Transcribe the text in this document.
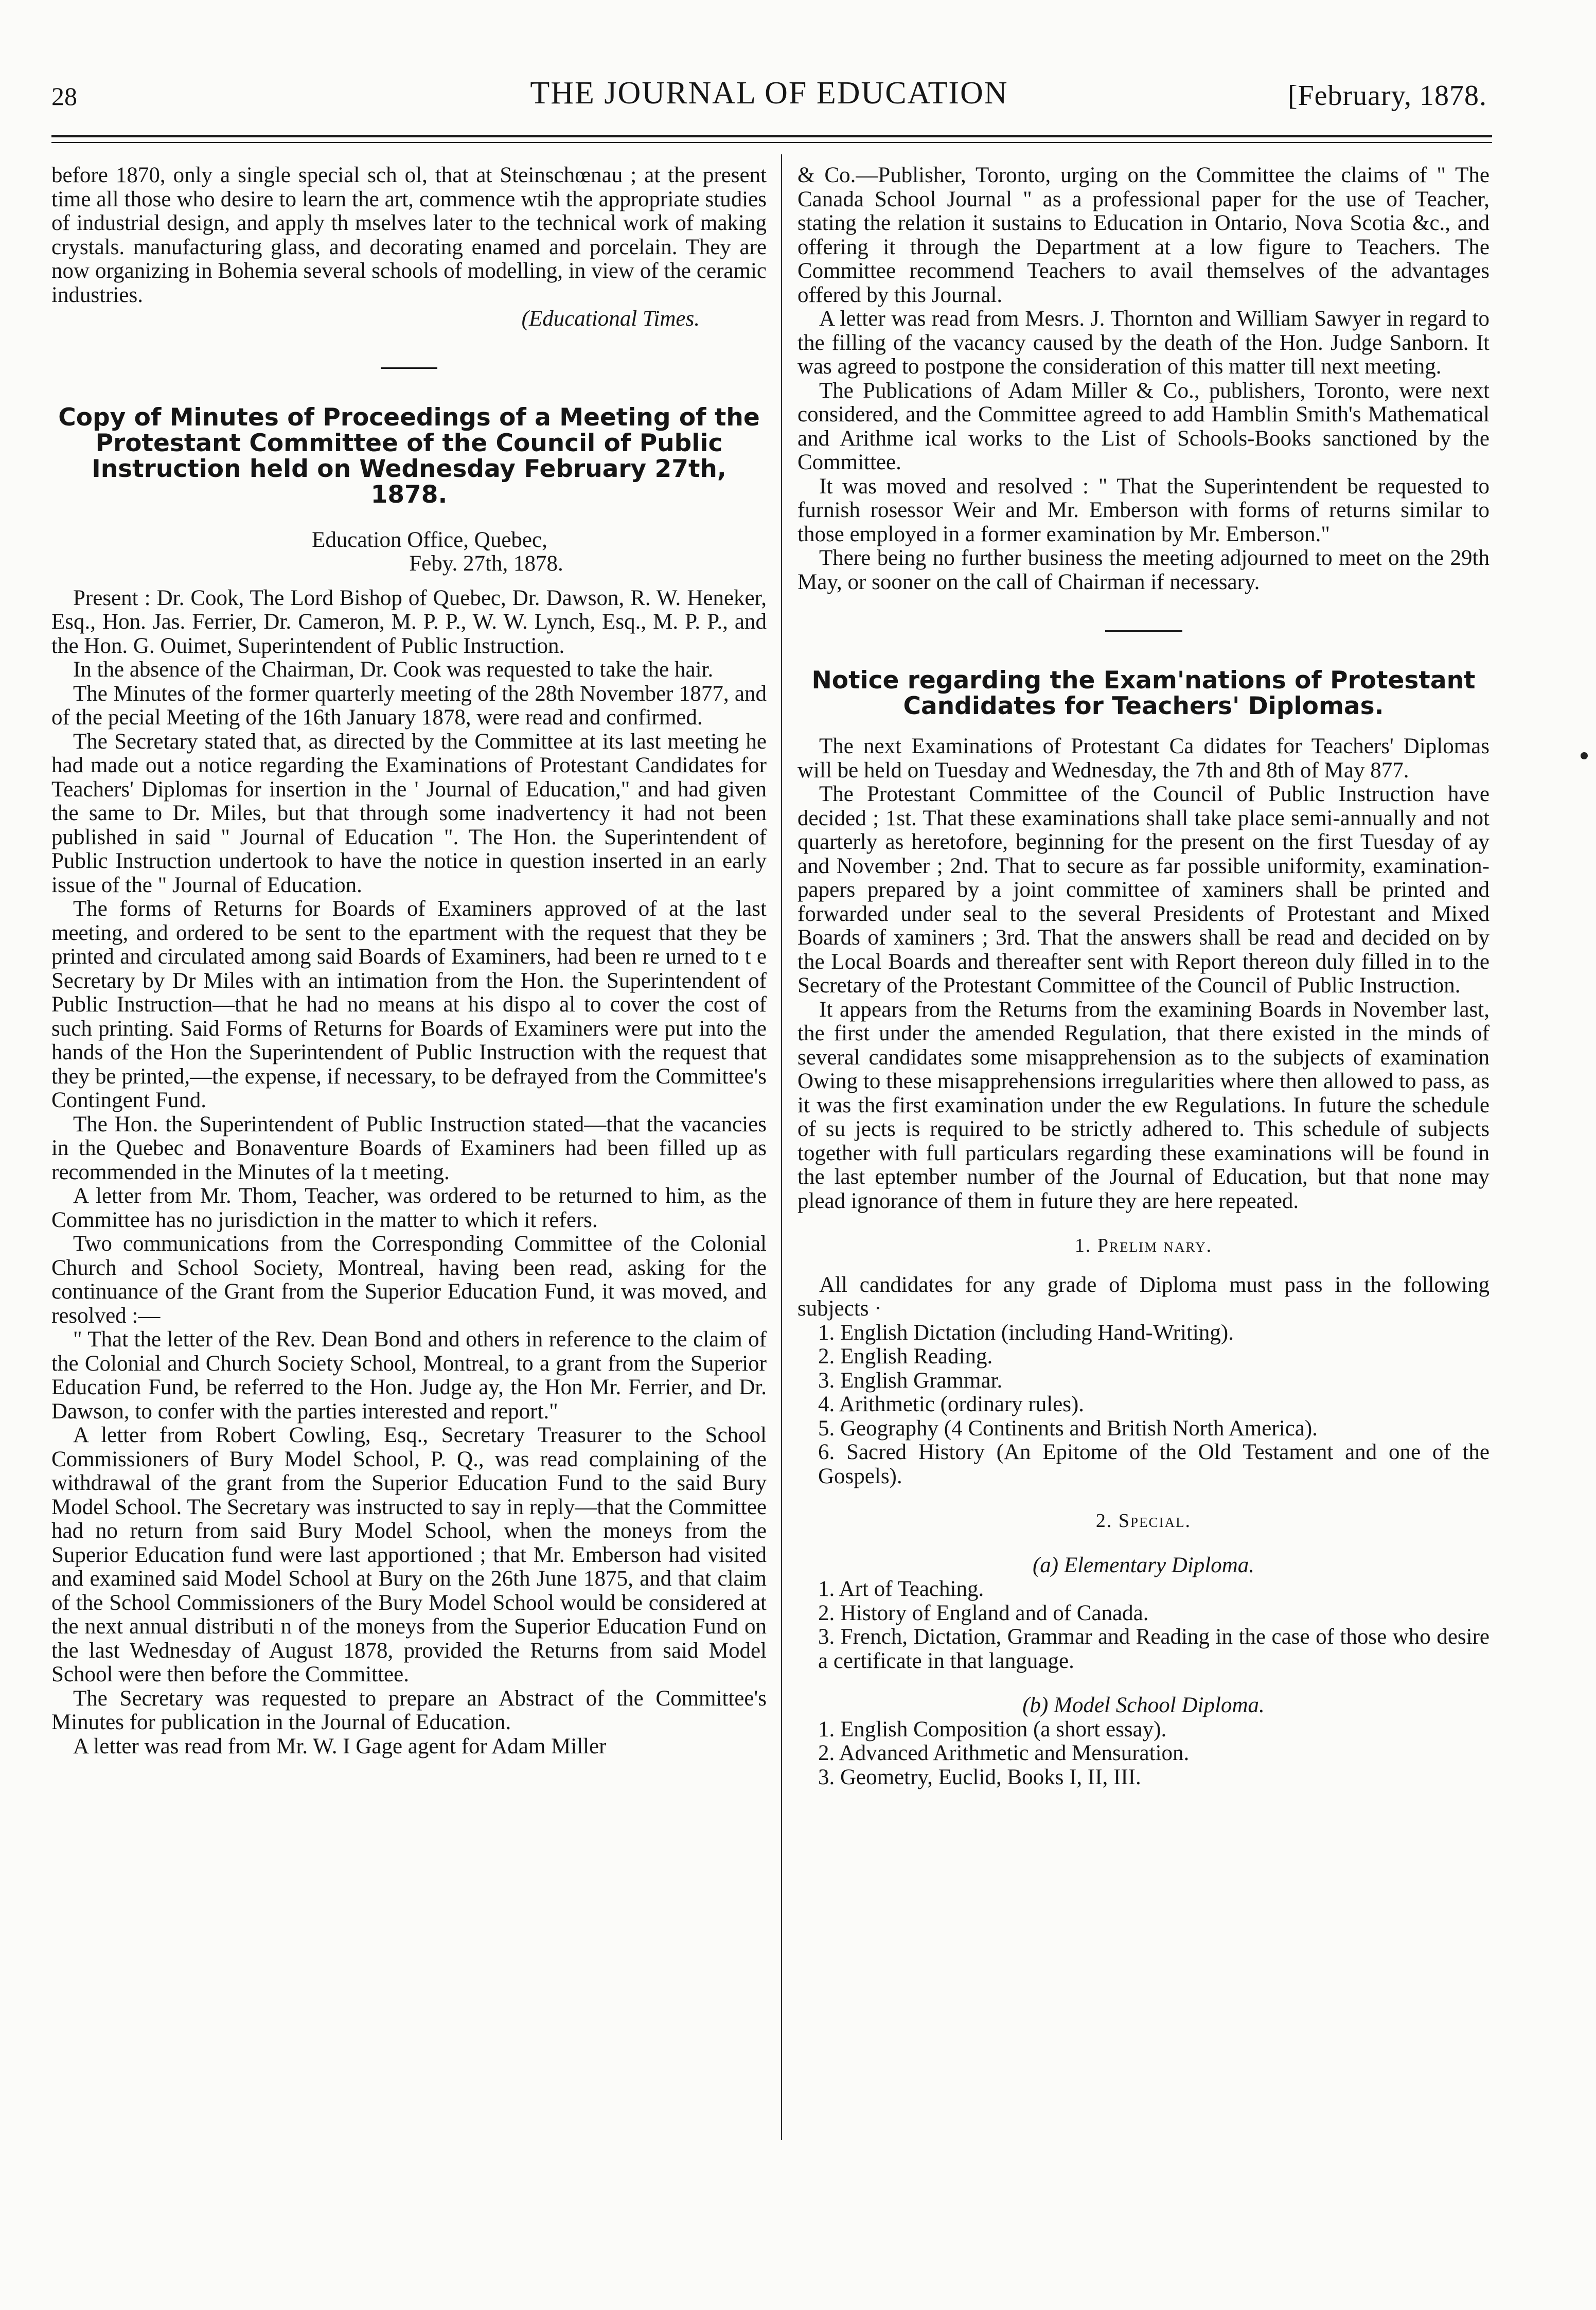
28	THE JOURNAL OF EDUCATION	[February, 1878.

before 1870, only a single special sch ol, that at Steinschœnau ; at the present time all those who desire to learn the art, commence wtih the appropriate studies of industrial design, and apply th mselves later to the technical work of making crystals. manufacturing glass, and decorating enamed and porcelain. They are now organizing in Bohemia several schools of modelling, in view of the ceramic industries.

(Educational Times.
Copy of Minutes of Proceedings of a Meeting of the Protestant Committee of the Council of Public Instruction held on Wednesday February 27th, 1878.
Education Office, Quebec,
Feby. 27th, 1878.

Present : Dr. Cook, The Lord Bishop of Quebec, Dr. Dawson, R. W. Heneker, Esq., Hon. Jas. Ferrier, Dr. Cameron, M. P. P., W. W. Lynch, Esq., M. P. P., and the Hon. G. Ouimet, Superintendent of Public Instruction.

In the absence of the Chairman, Dr. Cook was requested to take the hair.

The Minutes of the former quarterly meeting of the 28th November 1877, and of the pecial Meeting of the 16th January 1878, were read and confirmed.

The Secretary stated that, as directed by the Committee at its last meeting he had made out a notice regarding the Examinations of Protestant Candidates for Teachers' Diplomas for insertion in the ' Journal of Education," and had given the same to Dr. Miles, but that through some inadvertency it had not been published in said " Journal of Education ". The Hon. the Superintendent of Public Instruction undertook to have the notice in question inserted in an early issue of the " Journal of Education.

The forms of Returns for Boards of Examiners approved of at the last meeting, and ordered to be sent to the epartment with the request that they be printed and circulated among said Boards of Examiners, had been re urned to t e Secretary by Dr Miles with an intimation from the Hon. the Superintendent of Public Instruction—that he had no means at his dispo al to cover the cost of such printing. Said Forms of Returns for Boards of Examiners were put into the hands of the Hon the Superintendent of Public Instruction with the request that they be printed,—the expense, if necessary, to be defrayed from the Committee's Contingent Fund.

The Hon. the Superintendent of Public Instruction stated—that the vacancies in the Quebec and Bonaventure Boards of Examiners had been filled up as recommended in the Minutes of la t meeting.

A letter from Mr. Thom, Teacher, was ordered to be returned to him, as the Committee has no jurisdiction in the matter to which it refers.

Two communications from the Corresponding Committee of the Colonial Church and School Society, Montreal, having been read, asking for the continuance of the Grant from the Superior Education Fund, it was moved, and resolved :—

" That the letter of the Rev. Dean Bond and others in reference to the claim of the Colonial and Church Society School, Montreal, to a grant from the Superior Education Fund, be referred to the Hon. Judge ay, the Hon Mr. Ferrier, and Dr. Dawson, to confer with the parties interested and report."

A letter from Robert Cowling, Esq., Secretary Treasurer to the School Commissioners of Bury Model School, P. Q., was read complaining of the withdrawal of the grant from the Superior Education Fund to the said Bury Model School. The Secretary was instructed to say in reply—that the Committee had no return from said Bury Model School, when the moneys from the Superior Education fund were last apportioned ; that Mr. Emberson had visited and examined said Model School at Bury on the 26th June 1875, and that claim of the School Commissioners of the Bury Model School would be considered at the next annual distributi n of the moneys from the Superior Education Fund on the last Wednesday of August 1878, provided the Returns from said Model School were then before the Committee.

The Secretary was requested to prepare an Abstract of the Committee's Minutes for publication in the Journal of Education.

A letter was read from Mr. W. I Gage agent for Adam Miller

& Co.—Publisher, Toronto, urging on the Committee the claims of " The Canada School Journal " as a professional paper for the use of Teacher, stating the relation it sustains to Education in Ontario, Nova Scotia &c., and offering it through the Department at a low figure to Teachers. The Committee recommend Teachers to avail themselves of the advantages offered by this Journal.

A letter was read from Mesrs. J. Thornton and William Sawyer in regard to the filling of the vacancy caused by the death of the Hon. Judge Sanborn. It was agreed to postpone the consideration of this matter till next meeting.

The Publications of Adam Miller & Co., publishers, Toronto, were next considered, and the Committee agreed to add Hamblin Smith's Mathematical and Arithme ical works to the List of Schools-Books sanctioned by the Committee.

It was moved and resolved : " That the Superintendent be requested to furnish rosessor Weir and Mr. Emberson with forms of returns similar to those employed in a former examination by Mr. Emberson."

There being no further business the meeting adjourned to meet on the 29th May, or sooner on the call of Chairman if necessary.

Notice regarding the Exam'nations of Protestant Candidates for Teachers' Diplomas.

The next Examinations of Protestant Ca didates for Teachers' Diplomas will be held on Tuesday and Wednesday, the 7th and 8th of May 877.

The Protestant Committee of the Council of Public Instruction have decided ; 1st. That these examinations shall take place semi-annually and not quarterly as heretofore, beginning for the present on the first Tuesday of ay and November ; 2nd. That to secure as far possible uniformity, examination-papers prepared by a joint committee of xaminers shall be printed and forwarded under seal to the several Presidents of Protestant and Mixed Boards of xaminers ; 3rd. That the answers shall be read and decided on by the Local Boards and thereafter sent with Report thereon duly filled in to the Secretary of the Protestant Committee of the Council of Public Instruction.

It appears from the Returns from the examining Boards in November last, the first under the amended Regulation, that there existed in the minds of several candidates some misapprehension as to the subjects of examination Owing to these misapprehensions irregularities where then allowed to pass, as it was the first examination under the ew Regulations. In future the schedule of su jects is required to be strictly adhered to. This schedule of subjects together with full particulars regarding these examinations will be found in the last eptember number of the Journal of Education, but that none may plead ignorance of them in future they are here repeated.

1. Prelim nary.

All candidates for any grade of Diploma must pass in the following subjects ·

1. English Dictation (including Hand-Writing).
2. English Reading.
3. English Grammar.
4. Arithmetic (ordinary rules).
5. Geography (4 Continents and British North America).
6. Sacred History (An Epitome of the Old Testament and one of the Gospels).
2. Special.
(a) Elementary Diploma.
1. Art of Teaching.
2. History of England and of Canada.
3. French, Dictation, Grammar and Reading in the case of those who desire a certificate in that language.
(b) Model School Diploma.
1. English Composition (a short essay).
2. Advanced Arithmetic and Mensuration.
3. Geometry, Euclid, Books I, II, III.
